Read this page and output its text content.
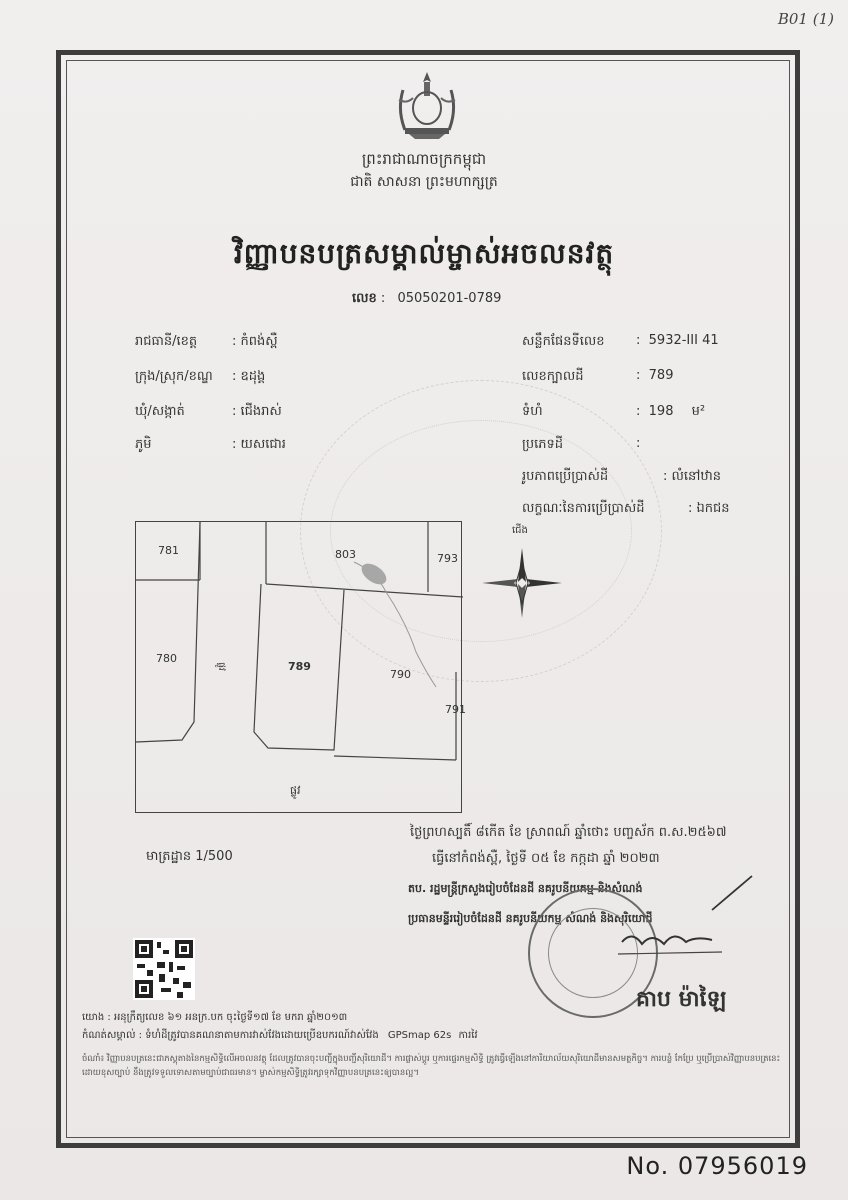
B01 (1)
ព្រះរាជាណាចក្រកម្ពុជា
ជាតិ សាសនា ព្រះមហាក្សត្រ
វិញ្ញាបនបត្រសម្គាល់ម្ចាស់អចលនវត្ថុ
លេខ : 05050201-0789
រាជធានី/ខេត្ត	: កំពង់ស្ពឺ
ក្រុង/ស្រុក/ខណ្ឌ : ឧដុង្គ
ឃុំ/សង្កាត់	: ជើងរាស់
ភូមិ	: យសជោរ
សន្លឹកផែនទីលេខ :  5932-III 41
លេខក្បាលដី	:  789
ទំហំ	:  198 ម²
ប្រភេទដី	:
រូបភាពប្រើប្រាស់ដី	: លំនៅឋាន
លក្ខណៈនៃការប្រើប្រាស់ដី	: ឯកជន
781	803	793
780
789
790
791
ផ្លូវ
ផ្លូវ
ជើង
មាត្រដ្ឋាន 1/500
ថ្ងៃព្រហស្បតិ៍ ៨កើត ខែ ស្រាពណ៍ ឆ្នាំថោះ បញ្ចស័ក ព.ស.២៥៦៧
ធ្វើនៅកំពង់ស្ពឺ, ថ្ងៃទី ០៥ ខែ កក្កដា ឆ្នាំ ២០២៣
តប. រដ្ឋមន្ត្រីក្រសួងរៀបចំដែនដី នគរូបនីយកម្ម និងសំណង់
ប្រធានមន្ទីររៀបចំដែនដី នគរូបនីយកម្ម សំណង់ និងសុរិយោដី
គាប ម៉ាឡៃ
យោង : អនុក្រឹត្យលេខ ៦១ អនក្រ.បក ចុះថ្ងៃទី១៧ ខែ មករា ឆ្នាំ២០១៣
កំណត់សម្គាល់ : ទំហំដីត្រូវបានគណនាតាមការវាស់វែងដោយប្រើឧបករណ៍វាស់វែង GPSmap 62s ការវៃ
ចំណាំ៖ វិញ្ញាបនបត្រនេះជាភស្តុតាងនៃកម្មសិទ្ធិលើអចលនវត្ថុ ដែលត្រូវបានចុះបញ្ជីក្នុងបញ្ជីសុរិយោដី។ ការផ្លាស់ប្តូរ ឬការផ្ទេរកម្មសិទ្ធិ ត្រូវធ្វើឡើងនៅការិយាល័យសុរិយោដីមានសមត្ថកិច្ច។ ការបន្លំ កែប្រែ ឬប្រើប្រាស់វិញ្ញាបនបត្រនេះដោយខុសច្បាប់ នឹងត្រូវទទួលទោសតាមច្បាប់ជាធរមាន។ ម្ចាស់កម្មសិទ្ធិត្រូវរក្សាទុកវិញ្ញាបនបត្រនេះឲ្យបានល្អ។
No. 07956019
